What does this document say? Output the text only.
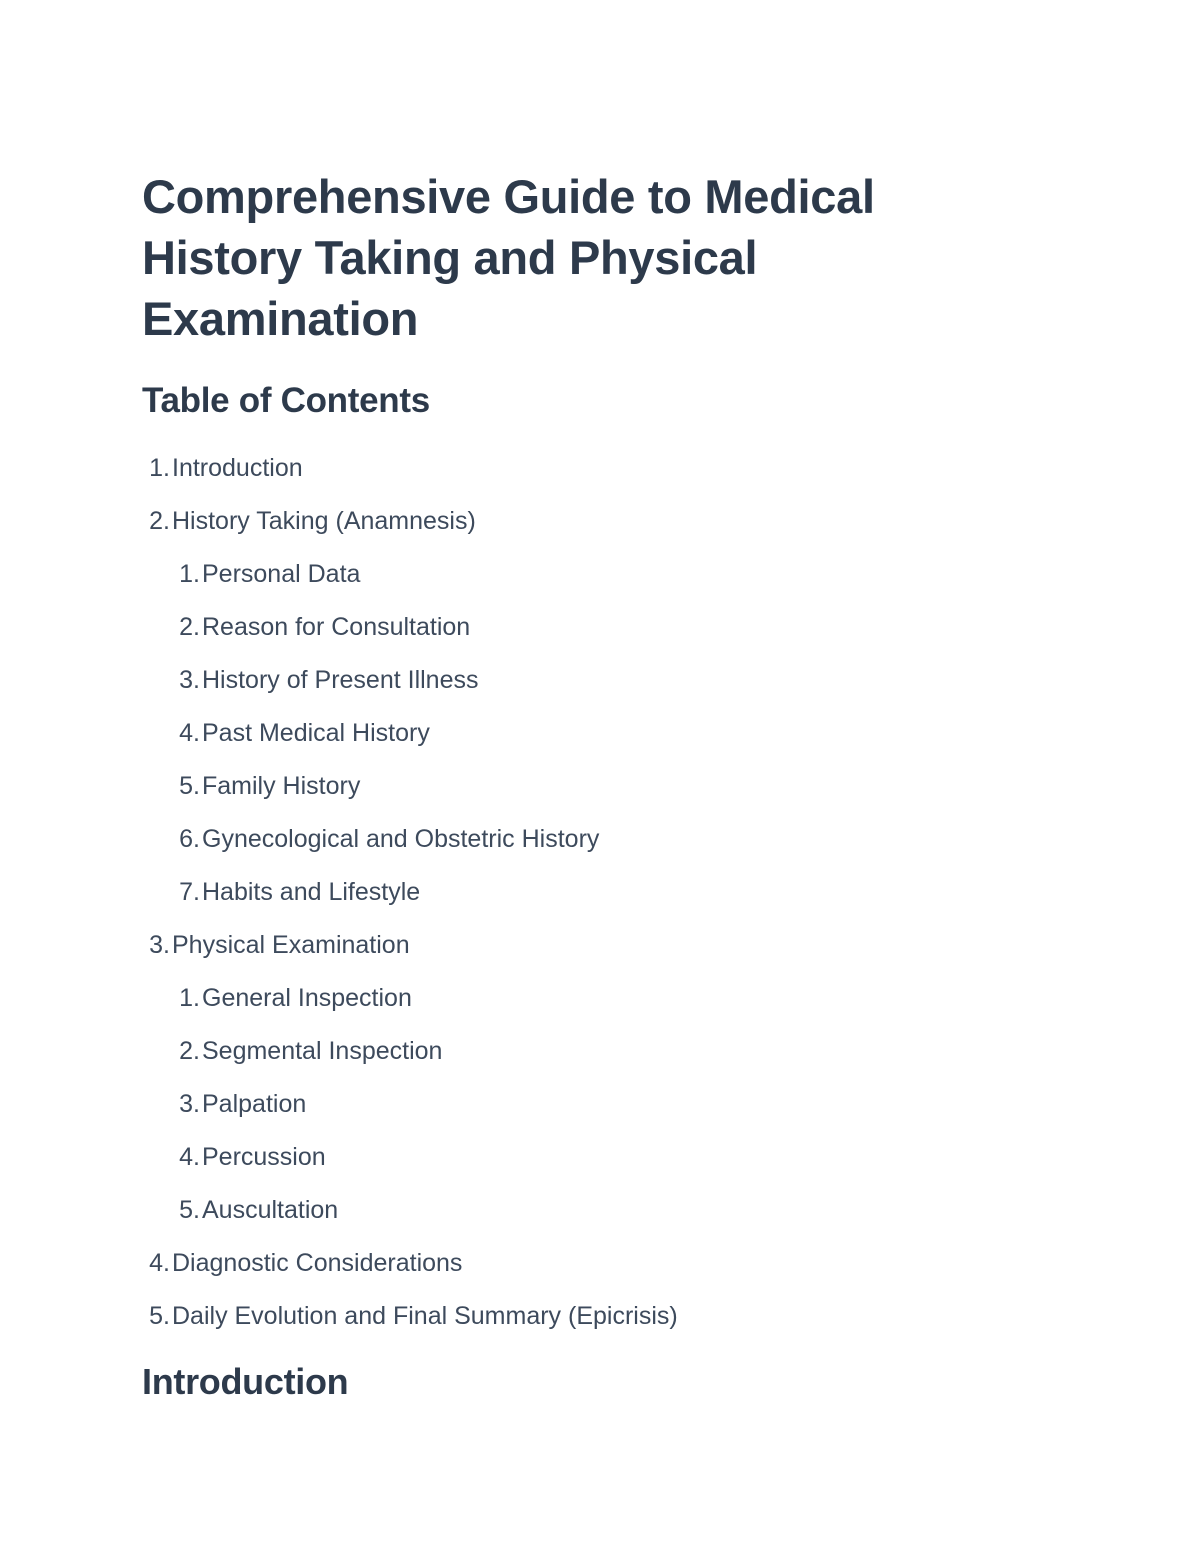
Comprehensive Guide to Medical History Taking and Physical Examination
Table of Contents
1.Introduction
2.History Taking (Anamnesis)
1.Personal Data
2.Reason for Consultation
3.History of Present Illness
4.Past Medical History
5.Family History
6.Gynecological and Obstetric History
7.Habits and Lifestyle
3.Physical Examination
1.General Inspection
2.Segmental Inspection
3.Palpation
4.Percussion
5.Auscultation
4.Diagnostic Considerations
5.Daily Evolution and Final Summary (Epicrisis)
Introduction
